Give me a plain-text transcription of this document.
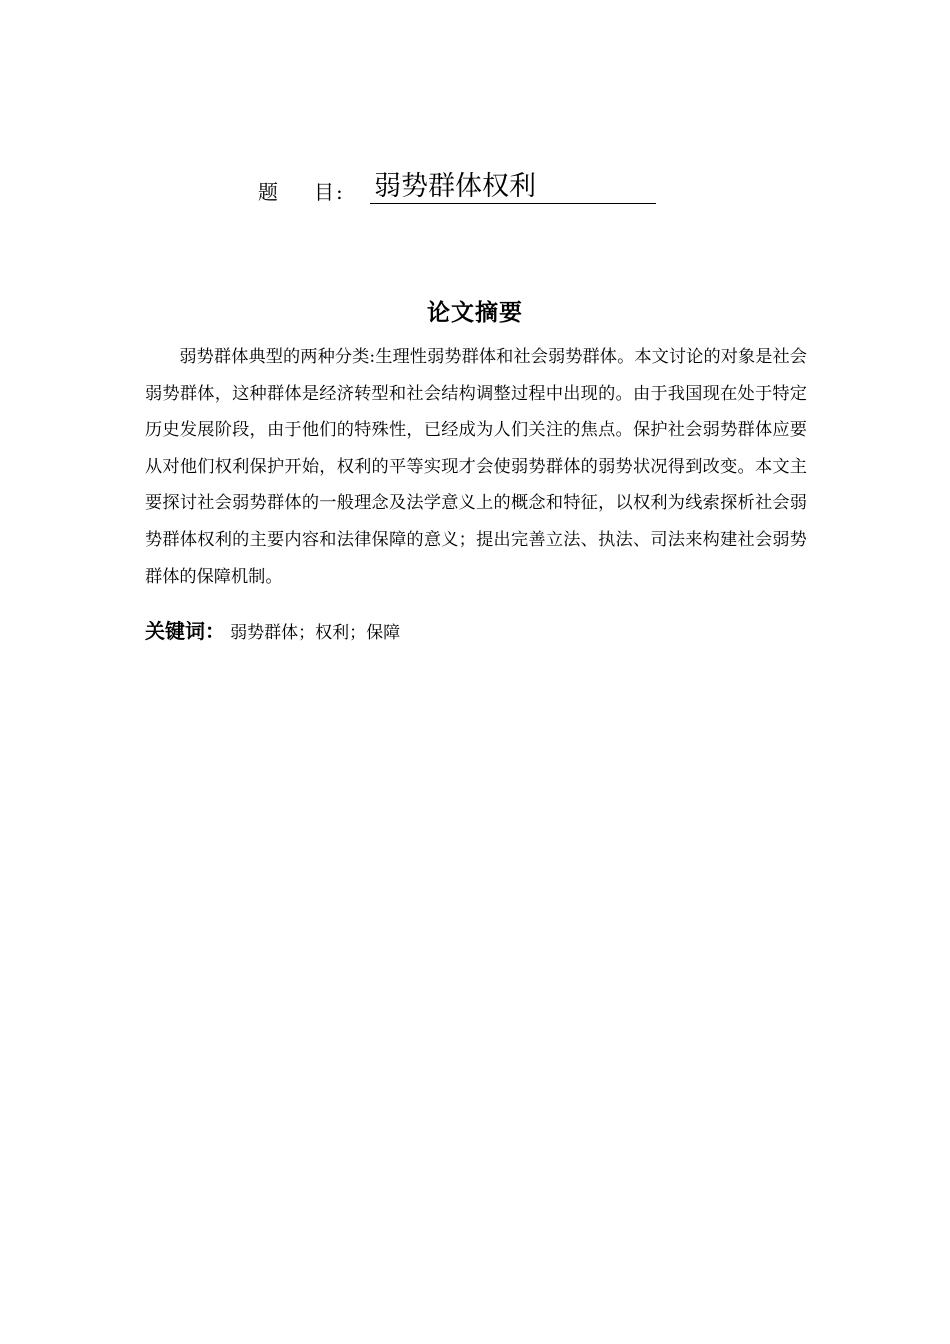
题 目: 弱势群体权利
论文摘要

弱势群体典型的两种分类:生理性弱势群体和社会弱势群体。本文讨论的对象是社会弱势群体，这种群体是经济转型和社会结构调整过程中出现的。由于我国现在处于特定历史发展阶段，由于他们的特殊性，已经成为人们关注的焦点。保护社会弱势群体应要从对他们权利保护开始，权利的平等实现才会使弱势群体的弱势状况得到改变。本文主要探讨社会弱势群体的一般理念及法学意义上的概念和特征，以权利为线索探析社会弱势群体权利的主要内容和法律保障的意义；提出完善立法、执法、司法来构建社会弱势群体的保障机制。

关键词： 弱势群体；权利；保障
